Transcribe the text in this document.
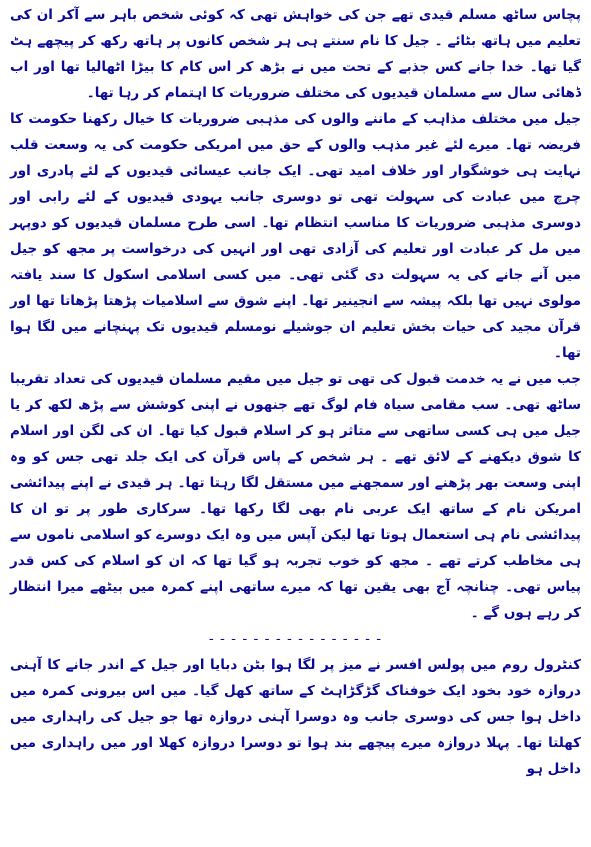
پچاس ساٹھ مسلم قیدی تھے جن کی خواہش تھی کہ کوئی شخص باہر سے آکر ان کی تعلیم میں ہاتھ بٹائے ۔ جیل کا نام سنتے ہی ہر شخص کانوں پر ہاتھ رکھ کر پیچھے ہٹ گیا تھا۔ خدا جانے کس جذبے کے تحت میں نے بڑھ کر اس کام کا بیڑا اٹھالیا تھا اور اب ڈھائی سال سے مسلمان قیدیوں کی مختلف ضروریات کا اہتمام کر رہا تھا۔

جیل میں مختلف مذاہب کے ماننے والوں کی مذہبی ضروریات کا خیال رکھنا حکومت کا فریضہ تھا۔ میرے لئے غیر مذہب والوں کے حق میں امریکی حکومت کی یہ وسعت قلب نہایت ہی خوشگوار اور خلاف امید تھی۔ ایک جانب عیسائی قیدیوں کے لئے پادری اور چرچ میں عبادت کی سہولت تھی تو دوسری جانب یہودی قیدیوں کے لئے رابی اور دوسری مذہبی ضروریات کا مناسب انتظام تھا۔ اسی طرح مسلمان قیدیوں کو دوپہر میں مل کر عبادت اور تعلیم کی آزادی تھی اور انہیں کی درخواست پر مجھ کو جیل میں آنے جانے کی یہ سہولت دی گئی تھی۔ میں کسی اسلامی اسکول کا سند یافتہ مولوی نہیں تھا بلکہ پیشہ سے انجینیر تھا۔ اپنے شوق سے اسلامیات پڑھتا پڑھاتا تھا اور قرآن مجید کی حیات بخش تعلیم ان جوشیلے نومسلم قیدیوں تک پہنچانے میں لگا ہوا تھا۔

جب میں نے یہ خدمت قبول کی تھی تو جیل میں مقیم مسلمان قیدیوں کی تعداد تقریبا ساٹھ تھی۔ سب مقامی سیاہ فام لوگ تھے جنھوں نے اپنی کوشش سے پڑھ لکھ کر یا جیل میں ہی کسی ساتھی سے متاثر ہو کر اسلام قبول کیا تھا۔ ان کی لگن اور اسلام کا شوق دیکھنے کے لائق تھے ۔ ہر شخص کے پاس قرآن کی ایک جلد تھی جس کو وہ اپنی وسعت بھر پڑھنے اور سمجھنے میں مستقل لگا رہتا تھا۔ ہر قیدی نے اپنے پیدائشی امریکن نام کے ساتھ ایک عربی نام بھی لگا رکھا تھا۔ سرکاری طور پر تو ان کا پیدائشی نام ہی استعمال ہوتا تھا لیکن آپس میں وہ ایک دوسرے کو اسلامی ناموں سے ہی مخاطب کرتے تھے ۔ مجھ کو خوب تجربہ ہو گیا تھا کہ ان کو اسلام کی کس قدر پیاس تھی۔ چنانچہ آج بھی یقین تھا کہ میرے ساتھی اپنے کمرہ میں بیٹھے میرا انتظار کر رہے ہوں گے ۔

- - - - - - - - - - - - - - - -

کنٹرول روم میں پولس افسر نے میز پر لگا ہوا بٹن دبایا اور جیل کے اندر جانے کا آہنی دروازہ خود بخود ایک خوفناک گڑگڑاہٹ کے ساتھ کھل گیا۔ میں اس بیرونی کمرہ میں داخل ہوا جس کی دوسری جانب وہ دوسرا آہنی دروازہ تھا جو جیل کی راہداری میں کھلتا تھا۔ پہلا دروازہ میرے پیچھے بند ہوا تو دوسرا دروازہ کھلا اور میں راہداری میں داخل ہو
